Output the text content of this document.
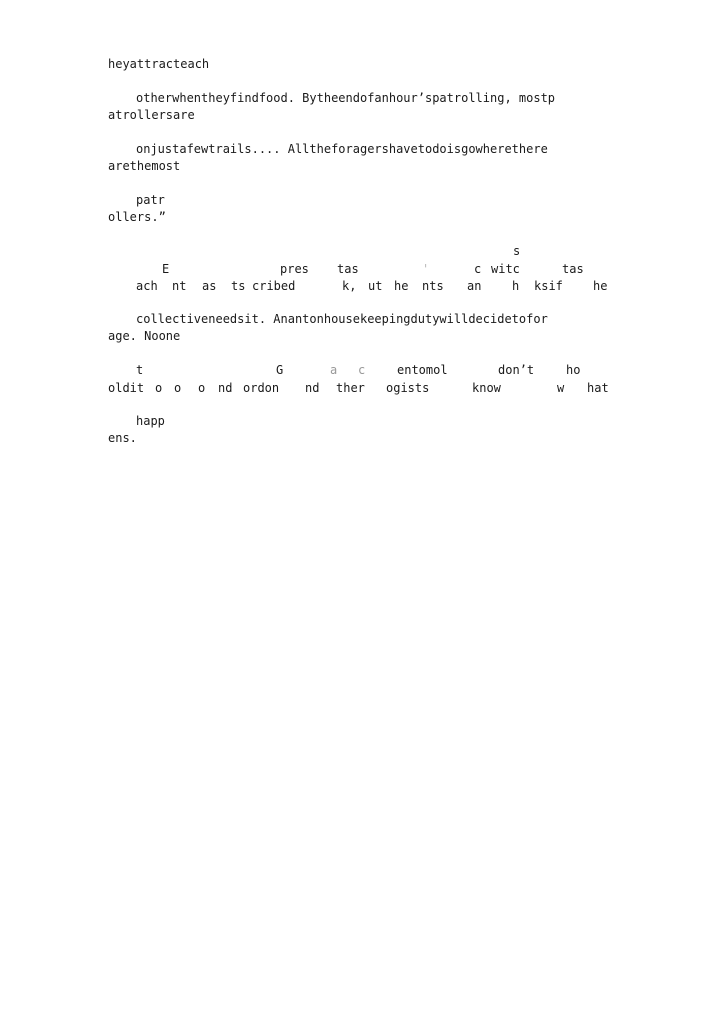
heyattracteach
otherwhentheyfindfood. Bytheendofanhour’spatrolling, mostp
atrollersare
onjustafewtrails.... Alltheforagershavetodoisgowherethere
arethemost
patr
ollers.”
s
E	pres tas	'	c witc	tas
ach nt as ts cribed	k, ut he nts an	h ksif	he
collectiveneedsit. Anantonhousekeepingdutywilldecidetofor
age. Noone
t	G	a c	entomol	don’t	ho
oldit o o o nd ordon nd ther ogists	know	w hat
happ
ens.
